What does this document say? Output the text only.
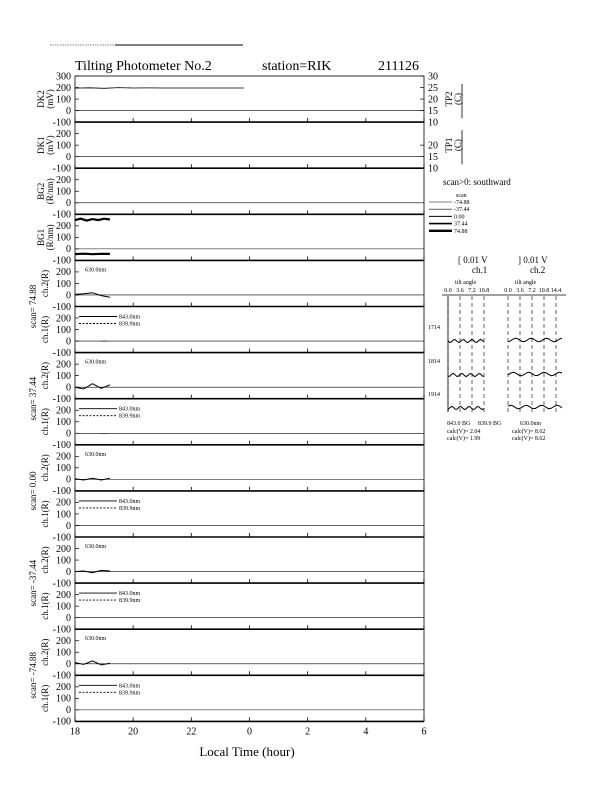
Tilting Photometer No.2	station=RIK	211126
300
200
100
0
-100
DK2(mV)
30
25
20
15
10
TP2(C)
200
100
0
-100
DK1(mV)	20
15
10
TP1(C)
200
100
0
-100
BG2(R/nm)
200
100
0
-100
BG1(R/nm)
200
100
0
-100
ch.2(R)	630.0nm
200
100
0
-100
ch.1(R)	843.0nm
839.9nm
200
100
0
-100
ch.2(R)	630.0nm
200
100
0
-100
ch.1(R)	843.0nm
839.9nm
200
100
0
-100
ch.2(R)	630.0nm
200
100
0
-100
ch.1(R)	843.0nm
839.9nm
200
100
0
-100
ch.2(R)	630.0nm
200
100
0
-100
ch.1(R)	843.0nm
839.9nm
200
100
0
-100
ch.2(R)	630.0nm
200
100
0
-100
ch.1(R)	843.0nm
839.9nm
scan= 74.88
scan= 37.44
scan= 0.00
scan= -37.44
scan= -74.88
18	20	22	0	2	4	6
Local Time (hour)
scan>0: southward
scan
-74.88
-37.44
0.00
37.44
74.88
[ 0.01 V
ch.1
] 0.01 V
ch.2
tilt angle	tilt angle
0.0 3.6 7.2 10.8	0.0 3.6 7.2 10.8 14.4
1714
1814
1914
843.0 BG 839.9 BG	630.0nm
calc(V)= 2.04
calc(V)= 1.99
calc(V)= 8.62
calc(V)= 8.62
